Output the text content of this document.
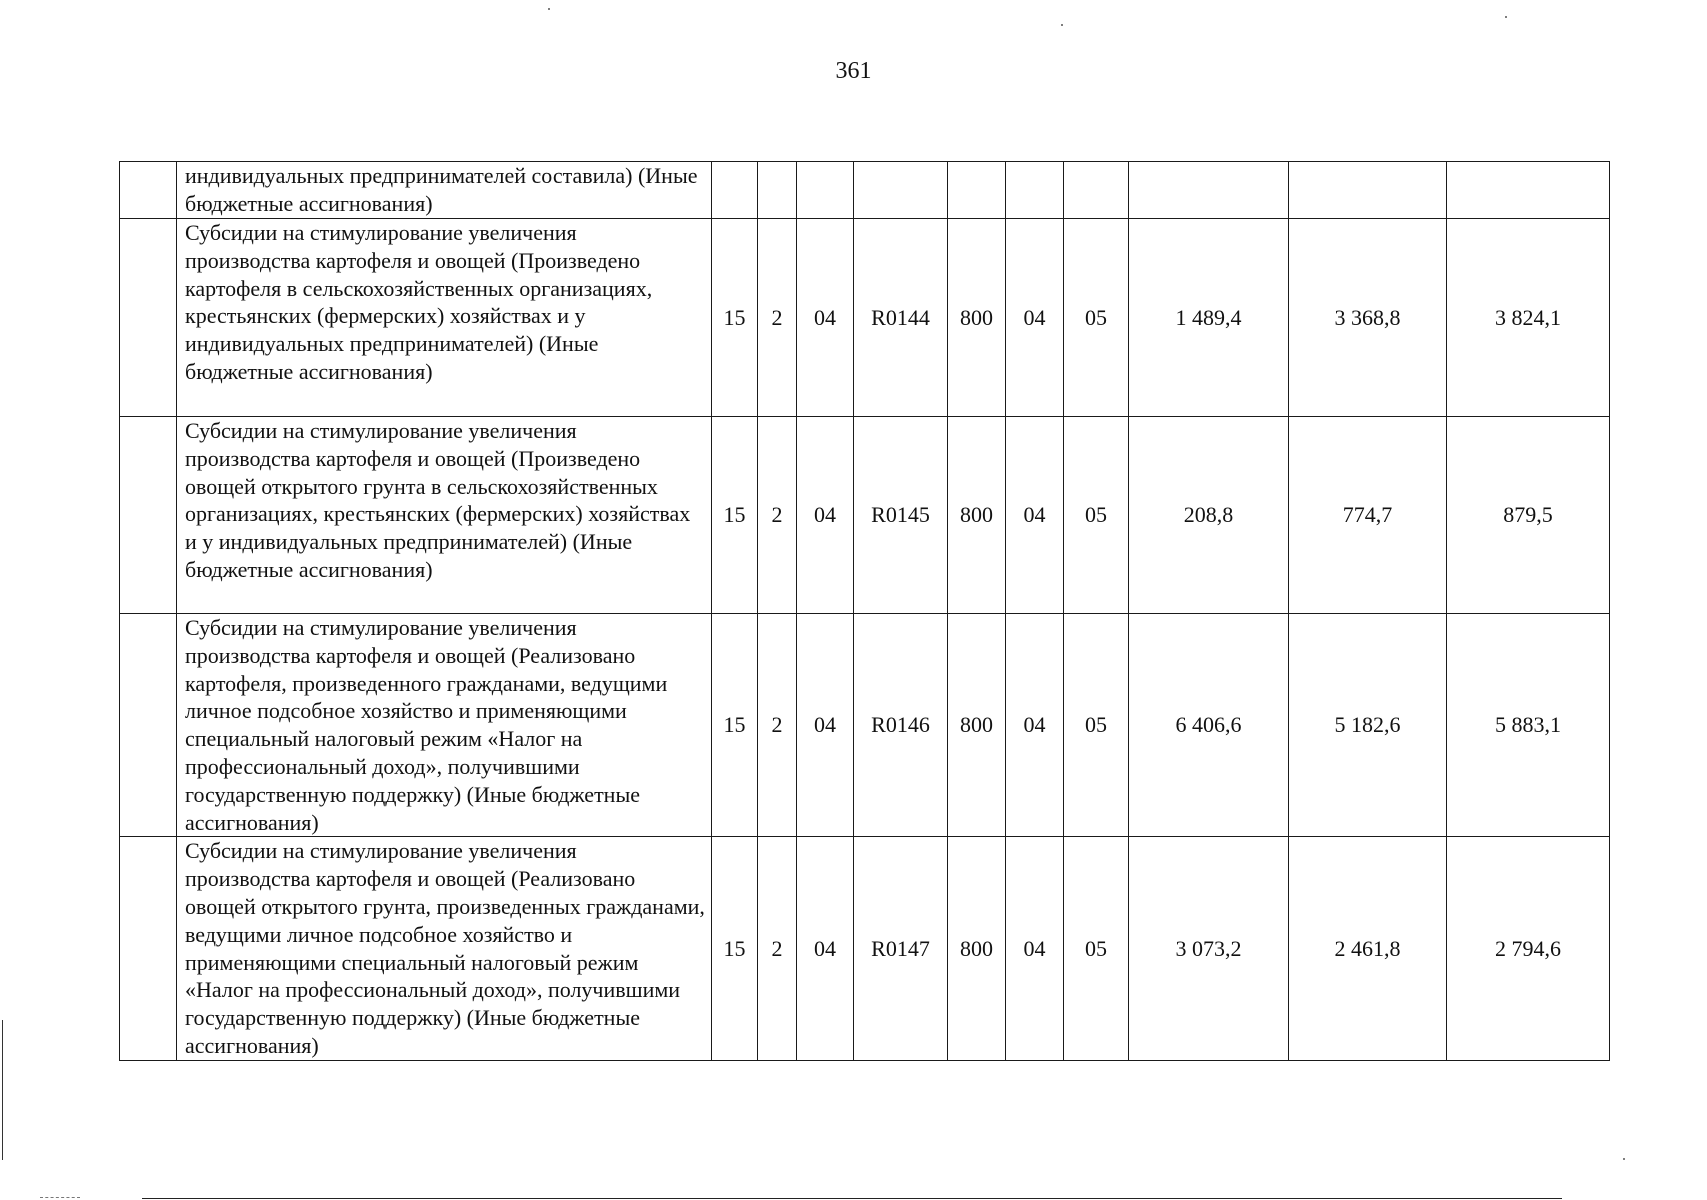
361
	индивидуальных предпринимателей составила) (Иные бюджетные ассигнования)										
	Субсидии на стимулирование увеличения производства картофеля и овощей (Произведено картофеля в сельскохозяйственных организациях, крестьянских (фермерских) хозяйствах и у индивидуальных предпринимателей) (Иные бюджетные ассигнования)	15	2	04	R0144	800	04	05	1 489,4	3 368,8	3 824,1
	Субсидии на стимулирование увеличения производства картофеля и овощей (Произведено овощей открытого грунта в сельскохозяйственных организациях, крестьянских (фермерских) хозяйствах и у индивидуальных предпринимателей) (Иные бюджетные ассигнования)	15	2	04	R0145	800	04	05	208,8	774,7	879,5
	Субсидии на стимулирование увеличения производства картофеля и овощей (Реализовано картофеля, произведенного гражданами, ведущими личное подсобное хозяйство и применяющими специальный налоговый режим «Налог на профессиональный доход», получившими государственную поддержку) (Иные бюджетные ассигнования)	15	2	04	R0146	800	04	05	6 406,6	5 182,6	5 883,1
	Субсидии на стимулирование увеличения производства картофеля и овощей (Реализовано овощей открытого грунта, произведенных гражданами, ведущими личное подсобное хозяйство и применяющими специальный налоговый режим «Налог на профессиональный доход», получившими государственную поддержку) (Иные бюджетные ассигнования)	15	2	04	R0147	800	04	05	3 073,2	2 461,8	2 794,6
